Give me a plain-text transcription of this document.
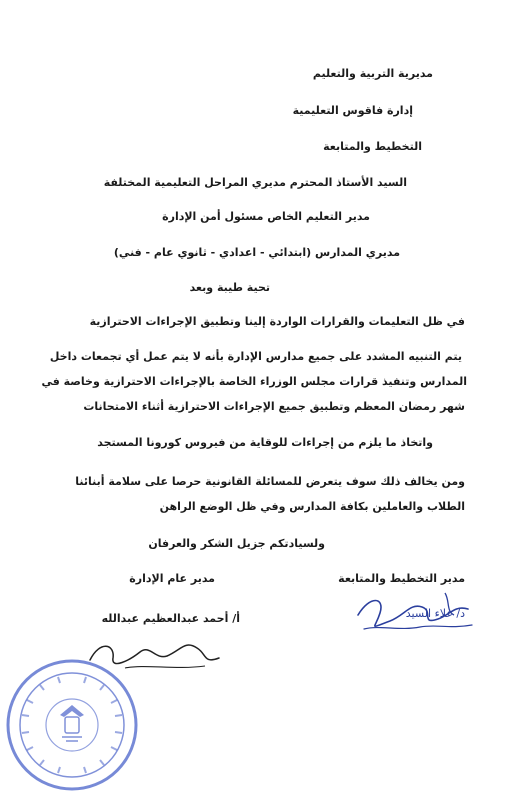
مديرية التربية والتعليم
إدارة فاقوس التعليمية
التخطيط والمتابعة
السيد الأستاذ المحترم مديري المراحل التعليمية المختلفة
مدير التعليم الخاص مسئول أمن الإدارة
مديري المدارس (ابتدائي - اعدادي - ثانوي عام - فني)
تحية طيبة وبعد
في ظل التعليمات والقرارات الواردة إلينا وتطبيق الإجراءات الاحترازية
يتم التنبيه المشدد على جميع مدارس الإدارة بأنه لا يتم عمل أي تجمعات داخل
المدارس وتنفيذ قرارات مجلس الوزراء الخاصة بالإجراءات الاحترازية وخاصة في
شهر رمضان المعظم وتطبيق جميع الإجراءات الاحترازية أثناء الامتحانات
واتخاذ ما يلزم من إجراءات للوقاية من فيروس كورونا المستجد
ومن يخالف ذلك سوف يتعرض للمسائلة القانونية حرصا على سلامة أبنائنا
الطلاب والعاملين بكافة المدارس وفي ظل الوضع الراهن
ولسيادتكم جزيل الشكر والعرفان
مدير التخطيط والمتابعة
مدير عام الإدارة
د/ علاء السيد
أ/ أحمد عبدالعظيم عبدالله
